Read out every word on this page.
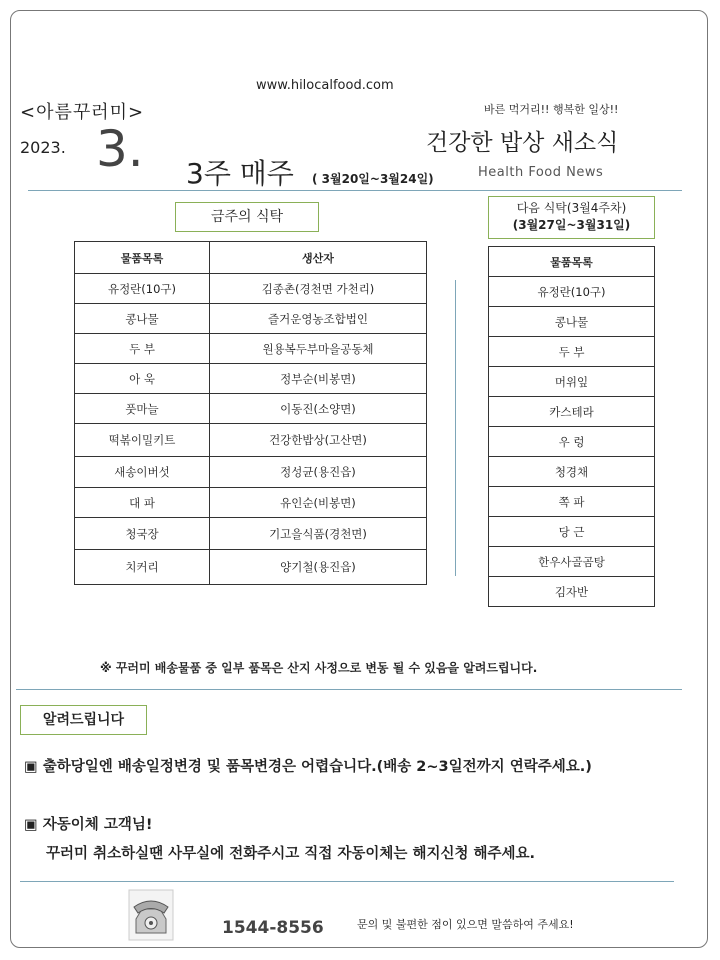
www.hilocalfood.com
<아름꾸러미>	바른 먹거리!! 행복한 일상!!
2023. 3. 3주 매주 ( 3월20일~3월24일)
건강한 밥상 새소식
Health Food News
금주의 식탁
다음 식탁(3월4주차)
(3월27일~3월31일)
물품목록	생산자
유정란(10구)	김종촌(경천면 가천리)
콩나물	즐거운영농조합법인
두 부	원용복두부마을공동체
아 욱	정부순(비봉면)
풋마늘	이동진(소양면)
떡볶이밀키트	건강한밥상(고산면)
새송이버섯	정성균(용진읍)
대 파	유인순(비봉면)
청국장	기고을식품(경천면)
치커리	양기철(용진읍)
물품목록
유정란(10구)
콩나물
두 부
머위잎
카스테라
우 렁
청경채
쪽 파
당 근
한우사골곰탕
김자반
※ 꾸러미 배송물품 중 일부 품목은 산지 사정으로 변동 될 수 있음을 알려드립니다.
알려드립니다
▣ 출하당일엔 배송일정변경 및 품목변경은 어렵습니다.(배송 2~3일전까지 연락주세요.)
▣ 자동이체 고객님!
꾸러미 취소하실땐 사무실에 전화주시고 직접 자동이체는 해지신청 해주세요.
1544-8556	문의 및 불편한 점이 있으면 말씀하여 주세요!
